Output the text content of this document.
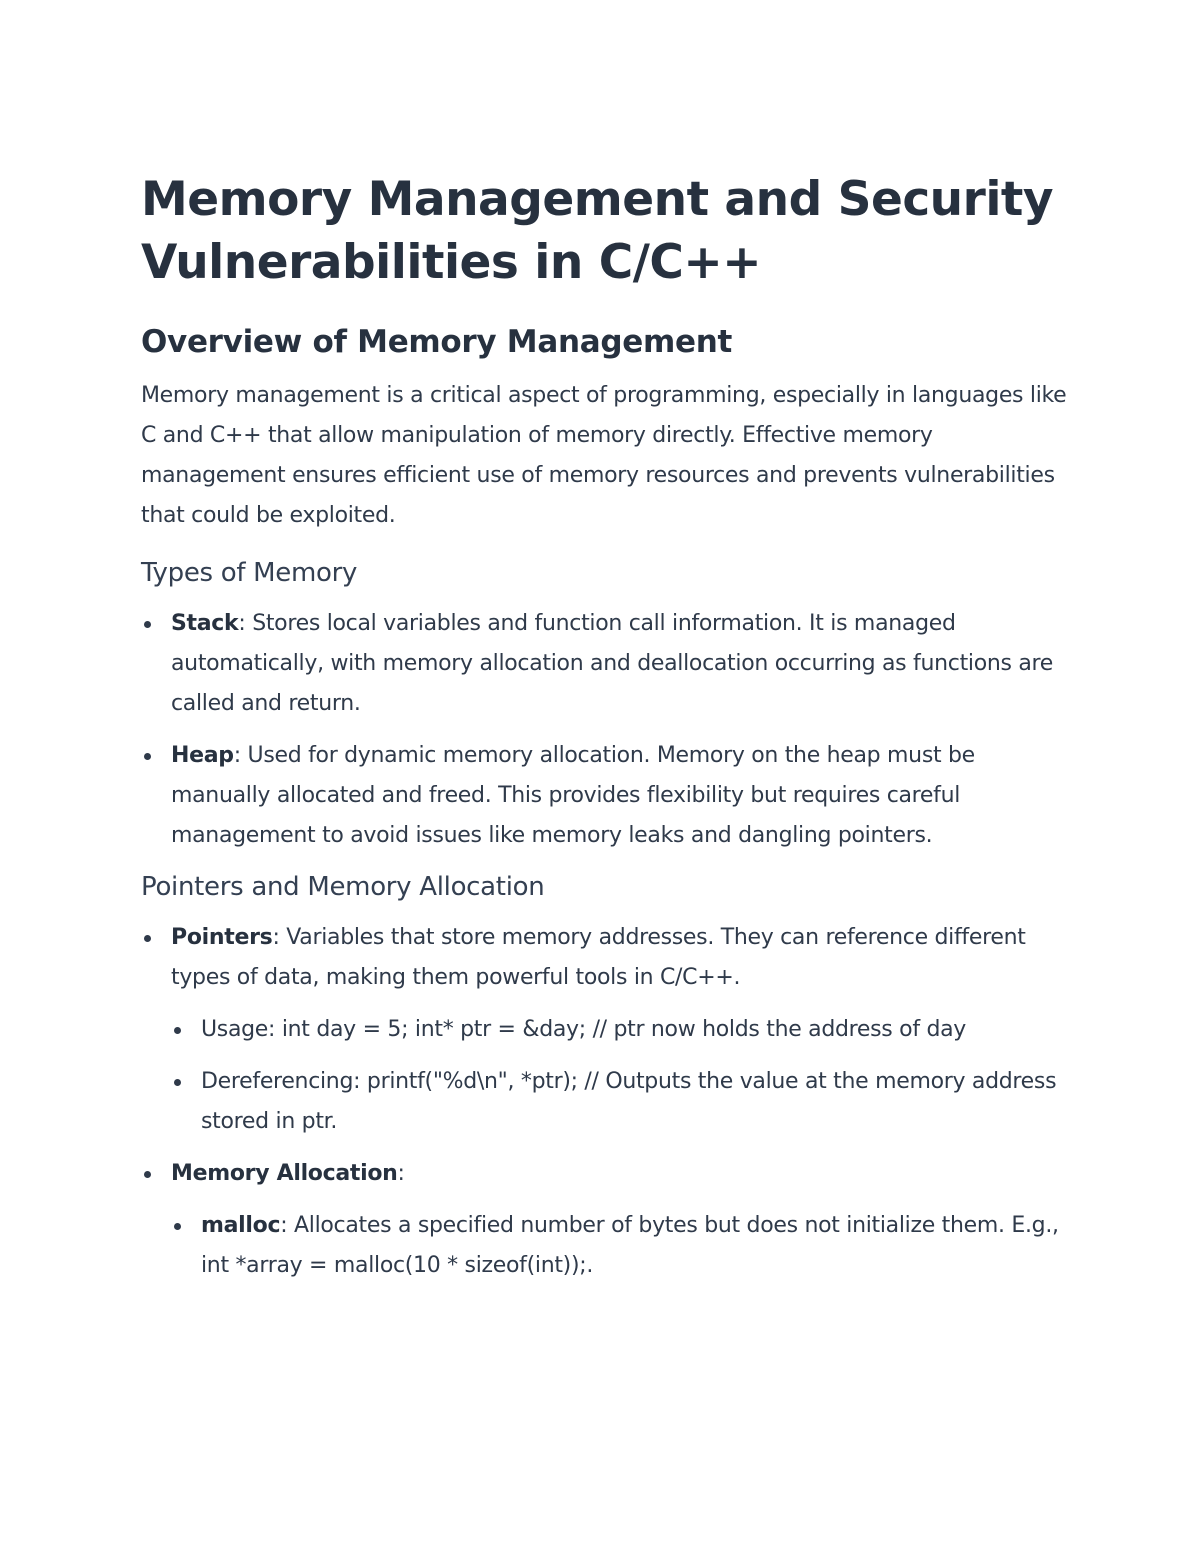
Memory Management and Security Vulnerabilities in C/C++
Overview of Memory Management

Memory management is a critical aspect of programming, especially in languages like C and C++ that allow manipulation of memory directly. Effective memory management ensures efficient use of memory resources and prevents vulnerabilities that could be exploited.

Types of Memory
Stack: Stores local variables and function call information. It is managed automatically, with memory allocation and deallocation occurring as functions are called and return.
Heap: Used for dynamic memory allocation. Memory on the heap must be manually allocated and freed. This provides flexibility but requires careful management to avoid issues like memory leaks and dangling pointers.
Pointers and Memory Allocation
Pointers: Variables that store memory addresses. They can reference different types of data, making them powerful tools in C/C++.
Usage: int day = 5; int* ptr = &day; // ptr now holds the address of day
Dereferencing: printf("%d\n", *ptr); // Outputs the value at the memory address stored in ptr.
Memory Allocation:
malloc: Allocates a specified number of bytes but does not initialize them. E.g., int *array = malloc(10 * sizeof(int));.
